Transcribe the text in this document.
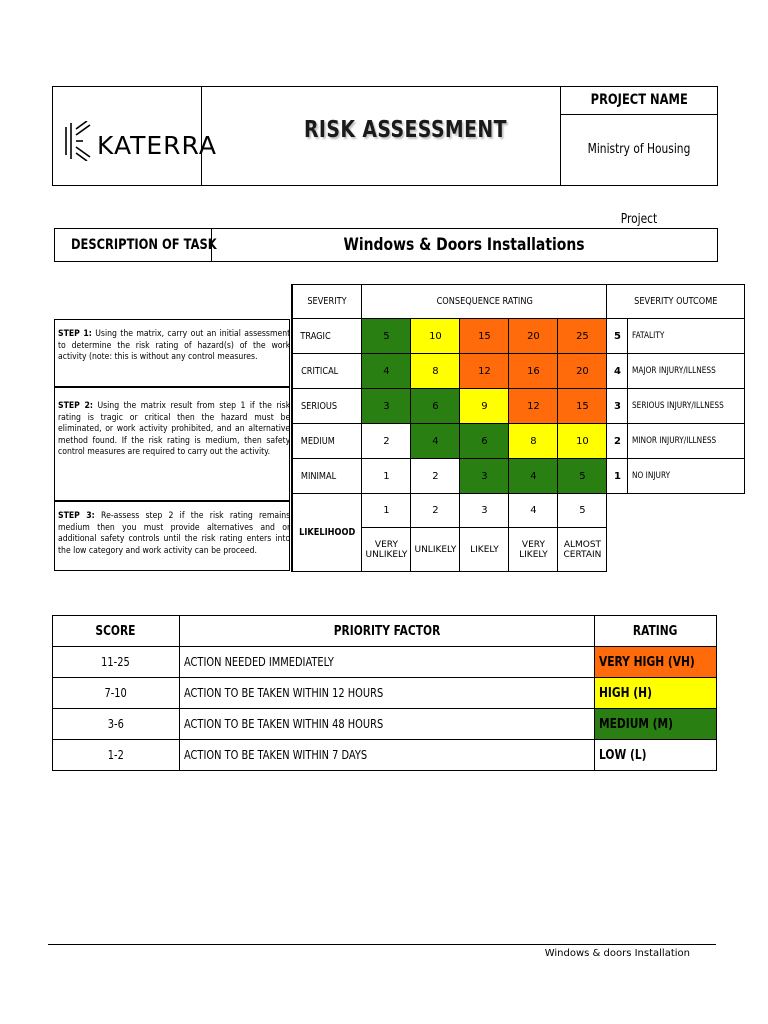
KATERRA
RISK ASSESSMENT
PROJECT NAME
Ministry of Housing Project
DESCRIPTION OF TASK	Windows & Doors Installations
STEP 1: Using the matrix, carry out an initial assessment to determine the risk rating of hazard(s) of the work activity (note: this is without any control measures.
STEP 2: Using the matrix result from step 1 if the risk rating is tragic or critical then the hazard must be eliminated, or work activity prohibited, and an alternative method found. If the risk rating is medium, then safety control measures are required to carry out the activity.
STEP 3: Re-assess step 2 if the risk rating remains medium then you must provide alternatives and or additional safety controls until the risk rating enters into the low category and work activity can be proceed.
SEVERITY	CONSEQUENCE RATING					SEVERITY OUTCOME	
TRAGIC	5	10	15	20	25	5	FATALITY
CRITICAL	4	8	12	16	20	4	MAJOR INJURY/ILLNESS
SERIOUS	3	6	9	12	15	3	SERIOUS INJURY/ILLNESS
MEDIUM	2	4	6	8	10	2	MINOR INJURY/ILLNESS
MINIMAL	1	2	3	4	5	1	NO INJURY
LIKELIHOOD	1	2	3	4	5		
	VERY UNLIKELY	UNLIKELY	LIKELY	VERY LIKELY	ALMOST CERTAIN		
SCORE	PRIORITY FACTOR	RATING
11-25	ACTION NEEDED IMMEDIATELY	VERY HIGH (VH)
7-10	ACTION TO BE TAKEN WITHIN 12 HOURS	HIGH (H)
3-6	ACTION TO BE TAKEN WITHIN 48 HOURS	MEDIUM (M)
1-2	ACTION TO BE TAKEN WITHIN 7 DAYS	LOW (L)
Windows & doors Installation
